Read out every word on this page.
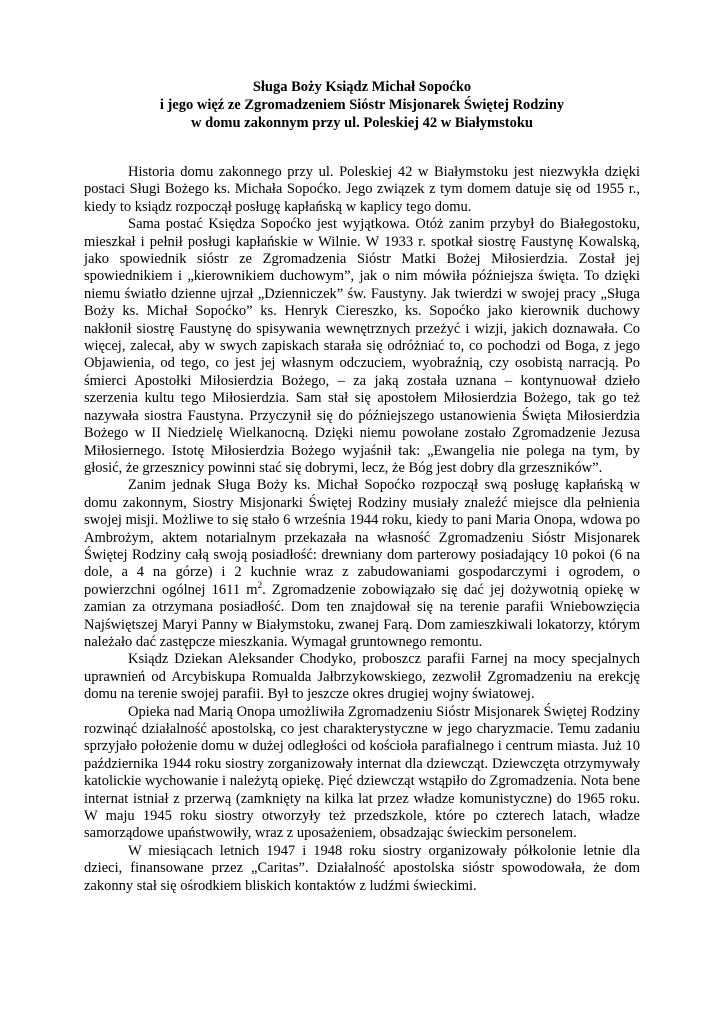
Sługa Boży Ksiądz Michał Sopoćko
i jego więź ze Zgromadzeniem Sióstr Misjonarek Świętej Rodziny
w domu zakonnym przy ul. Poleskiej 42 w Białymstoku

Historia domu zakonnego przy ul. Poleskiej 42 w Białymstoku jest niezwykła dzięki postaci Sługi Bożego ks. Michała Sopoćko. Jego związek z tym domem datuje się od 1955 r., kiedy to ksiądz rozpoczął posługę kapłańską w kaplicy tego domu.

Sama postać Księdza Sopoćko jest wyjątkowa. Otóż zanim przybył do Białegostoku, mieszkał i pełnił posługi kapłańskie w Wilnie. W 1933 r. spotkał siostrę Faustynę Kowalską, jako spowiednik sióstr ze Zgromadzenia Sióstr Matki Bożej Miłosierdzia. Został jej spowiednikiem i „kierownikiem duchowym”, jak o nim mówiła późniejsza święta. To dzięki niemu światło dzienne ujrzał „Dzienniczek” św. Faustyny. Jak twierdzi w swojej pracy „Sługa Boży ks. Michał Sopoćko” ks. Henryk Ciereszko, ks. Sopoćko jako kierownik duchowy nakłonił siostrę Faustynę do spisywania wewnętrznych przeżyć i wizji, jakich doznawała. Co więcej, zalecał, aby w swych zapiskach starała się odróżniać to, co pochodzi od Boga, z jego Objawienia, od tego, co jest jej własnym odczuciem, wyobraźnią, czy osobistą narracją. Po śmierci Apostołki Miłosierdzia Bożego, – za jaką została uznana – kontynuował dzieło szerzenia kultu tego Miłosierdzia. Sam stał się apostołem Miłosierdzia Bożego, tak go też nazywała siostra Faustyna. Przyczynił się do późniejszego ustanowienia Święta Miłosierdzia Bożego w II Niedzielę Wielkanocną. Dzięki niemu powołane zostało Zgromadzenie Jezusa Miłosiernego. Istotę Miłosierdzia Bożego wyjaśnił tak: „Ewangelia nie polega na tym, by głosić, że grzesznicy powinni stać się dobrymi, lecz, że Bóg jest dobry dla grzeszników”.

Zanim jednak Sługa Boży ks. Michał Sopoćko rozpoczął swą posługę kapłańską w domu zakonnym, Siostry Misjonarki Świętej Rodziny musiały znaleźć miejsce dla pełnienia swojej misji. Możliwe to się stało 6 września 1944 roku, kiedy to pani Maria Onopa, wdowa po Ambrożym, aktem notarialnym przekazała na własność Zgromadzeniu Sióstr Misjonarek Świętej Rodziny całą swoją posiadłość: drewniany dom parterowy posiadający 10 pokoi (6 na dole, a 4 na górze) i 2 kuchnie wraz z zabudowaniami gospodarczymi i ogrodem, o powierzchni ogólnej 1611 $m^2$. Zgromadzenie zobowiązało się dać jej dożywotnią opiekę w zamian za otrzymana posiadłość. Dom ten znajdował się na terenie parafii Wniebowzięcia Najświętszej Maryi Panny w Białymstoku, zwanej Farą. Dom zamieszkiwali lokatorzy, którym należało dać zastępcze mieszkania. Wymagał gruntownego remontu.

Ksiądz Dziekan Aleksander Chodyko, proboszcz parafii Farnej na mocy specjalnych uprawnień od Arcybiskupa Romualda Jałbrzykowskiego, zezwolił Zgromadzeniu na erekcję domu na terenie swojej parafii. Był to jeszcze okres drugiej wojny światowej.

Opieka nad Marią Onopa umożliwiła Zgromadzeniu Sióstr Misjonarek Świętej Rodziny rozwinąć działalność apostolską, co jest charakterystyczne w jego charyzmacie. Temu zadaniu sprzyjało położenie domu w dużej odległości od kościoła parafialnego i centrum miasta. Już 10 października 1944 roku siostry zorganizowały internat dla dziewcząt. Dziewczęta otrzymywały katolickie wychowanie i należytą opiekę. Pięć dziewcząt wstąpiło do Zgromadzenia. Nota bene internat istniał z przerwą (zamknięty na kilka lat przez władze komunistyczne) do 1965 roku. W maju 1945 roku siostry otworzyły też przedszkole, które po czterech latach, władze samorządowe upaństwowiły, wraz z uposażeniem, obsadzając świeckim personelem.

W miesiącach letnich 1947 i 1948 roku siostry organizowały półkolonie letnie dla dzieci, finansowane przez „Caritas”. Działalność apostolska sióstr spowodowała, że dom zakonny stał się ośrodkiem bliskich kontaktów z ludźmi świeckimi.
